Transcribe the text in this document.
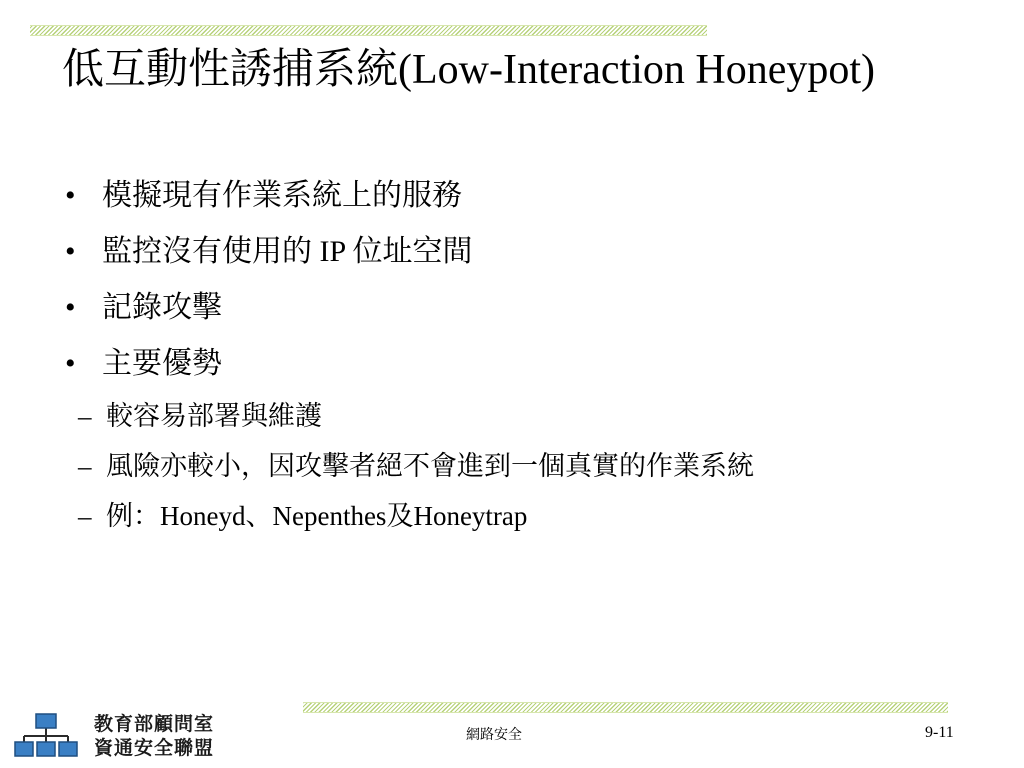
低互動性誘捕系統(Low-Interaction Honeypot)
• 模擬現有作業系統上的服務
• 監控沒有使用的 IP 位址空間
• 記錄攻擊
• 主要優勢
– 較容易部署與維護
– 風險亦較小，因攻擊者絕不會進到一個真實的作業系統
– 例：Honeyd、Nepenthes及Honeytrap
教育部顧問室
資通安全聯盟
網路安全	9-11
